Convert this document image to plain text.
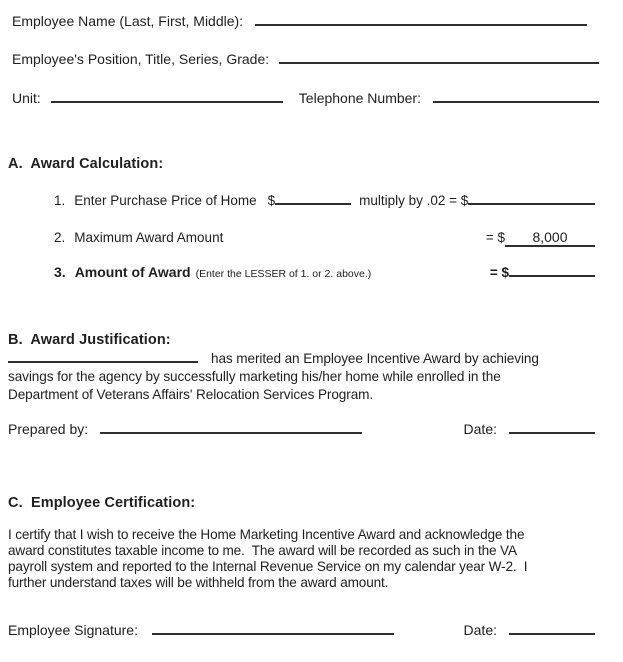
Employee Name (Last, First, Middle):
Employee's Position, Title, Series, Grade:
Unit:	Telephone Number:
A.  Award Calculation:
1. Enter Purchase Price of Home $	multiply by .02 = $
2. Maximum Award Amount	= $	8,000
3. Amount of Award (Enter the LESSER of 1. or 2. above.)	= $
B.  Award Justification:
has merited an Employee Incentive Award by achieving
savings for the agency by successfully marketing his/her home while enrolled in the
Department of Veterans Affairs' Relocation Services Program.
Prepared by:	Date:
C.  Employee Certification:
I certify that I wish to receive the Home Marketing Incentive Award and acknowledge the
award constitutes taxable income to me.  The award will be recorded as such in the VA
payroll system and reported to the Internal Revenue Service on my calendar year W-2.  I
further understand taxes will be withheld from the award amount.
Employee Signature:	Date:
